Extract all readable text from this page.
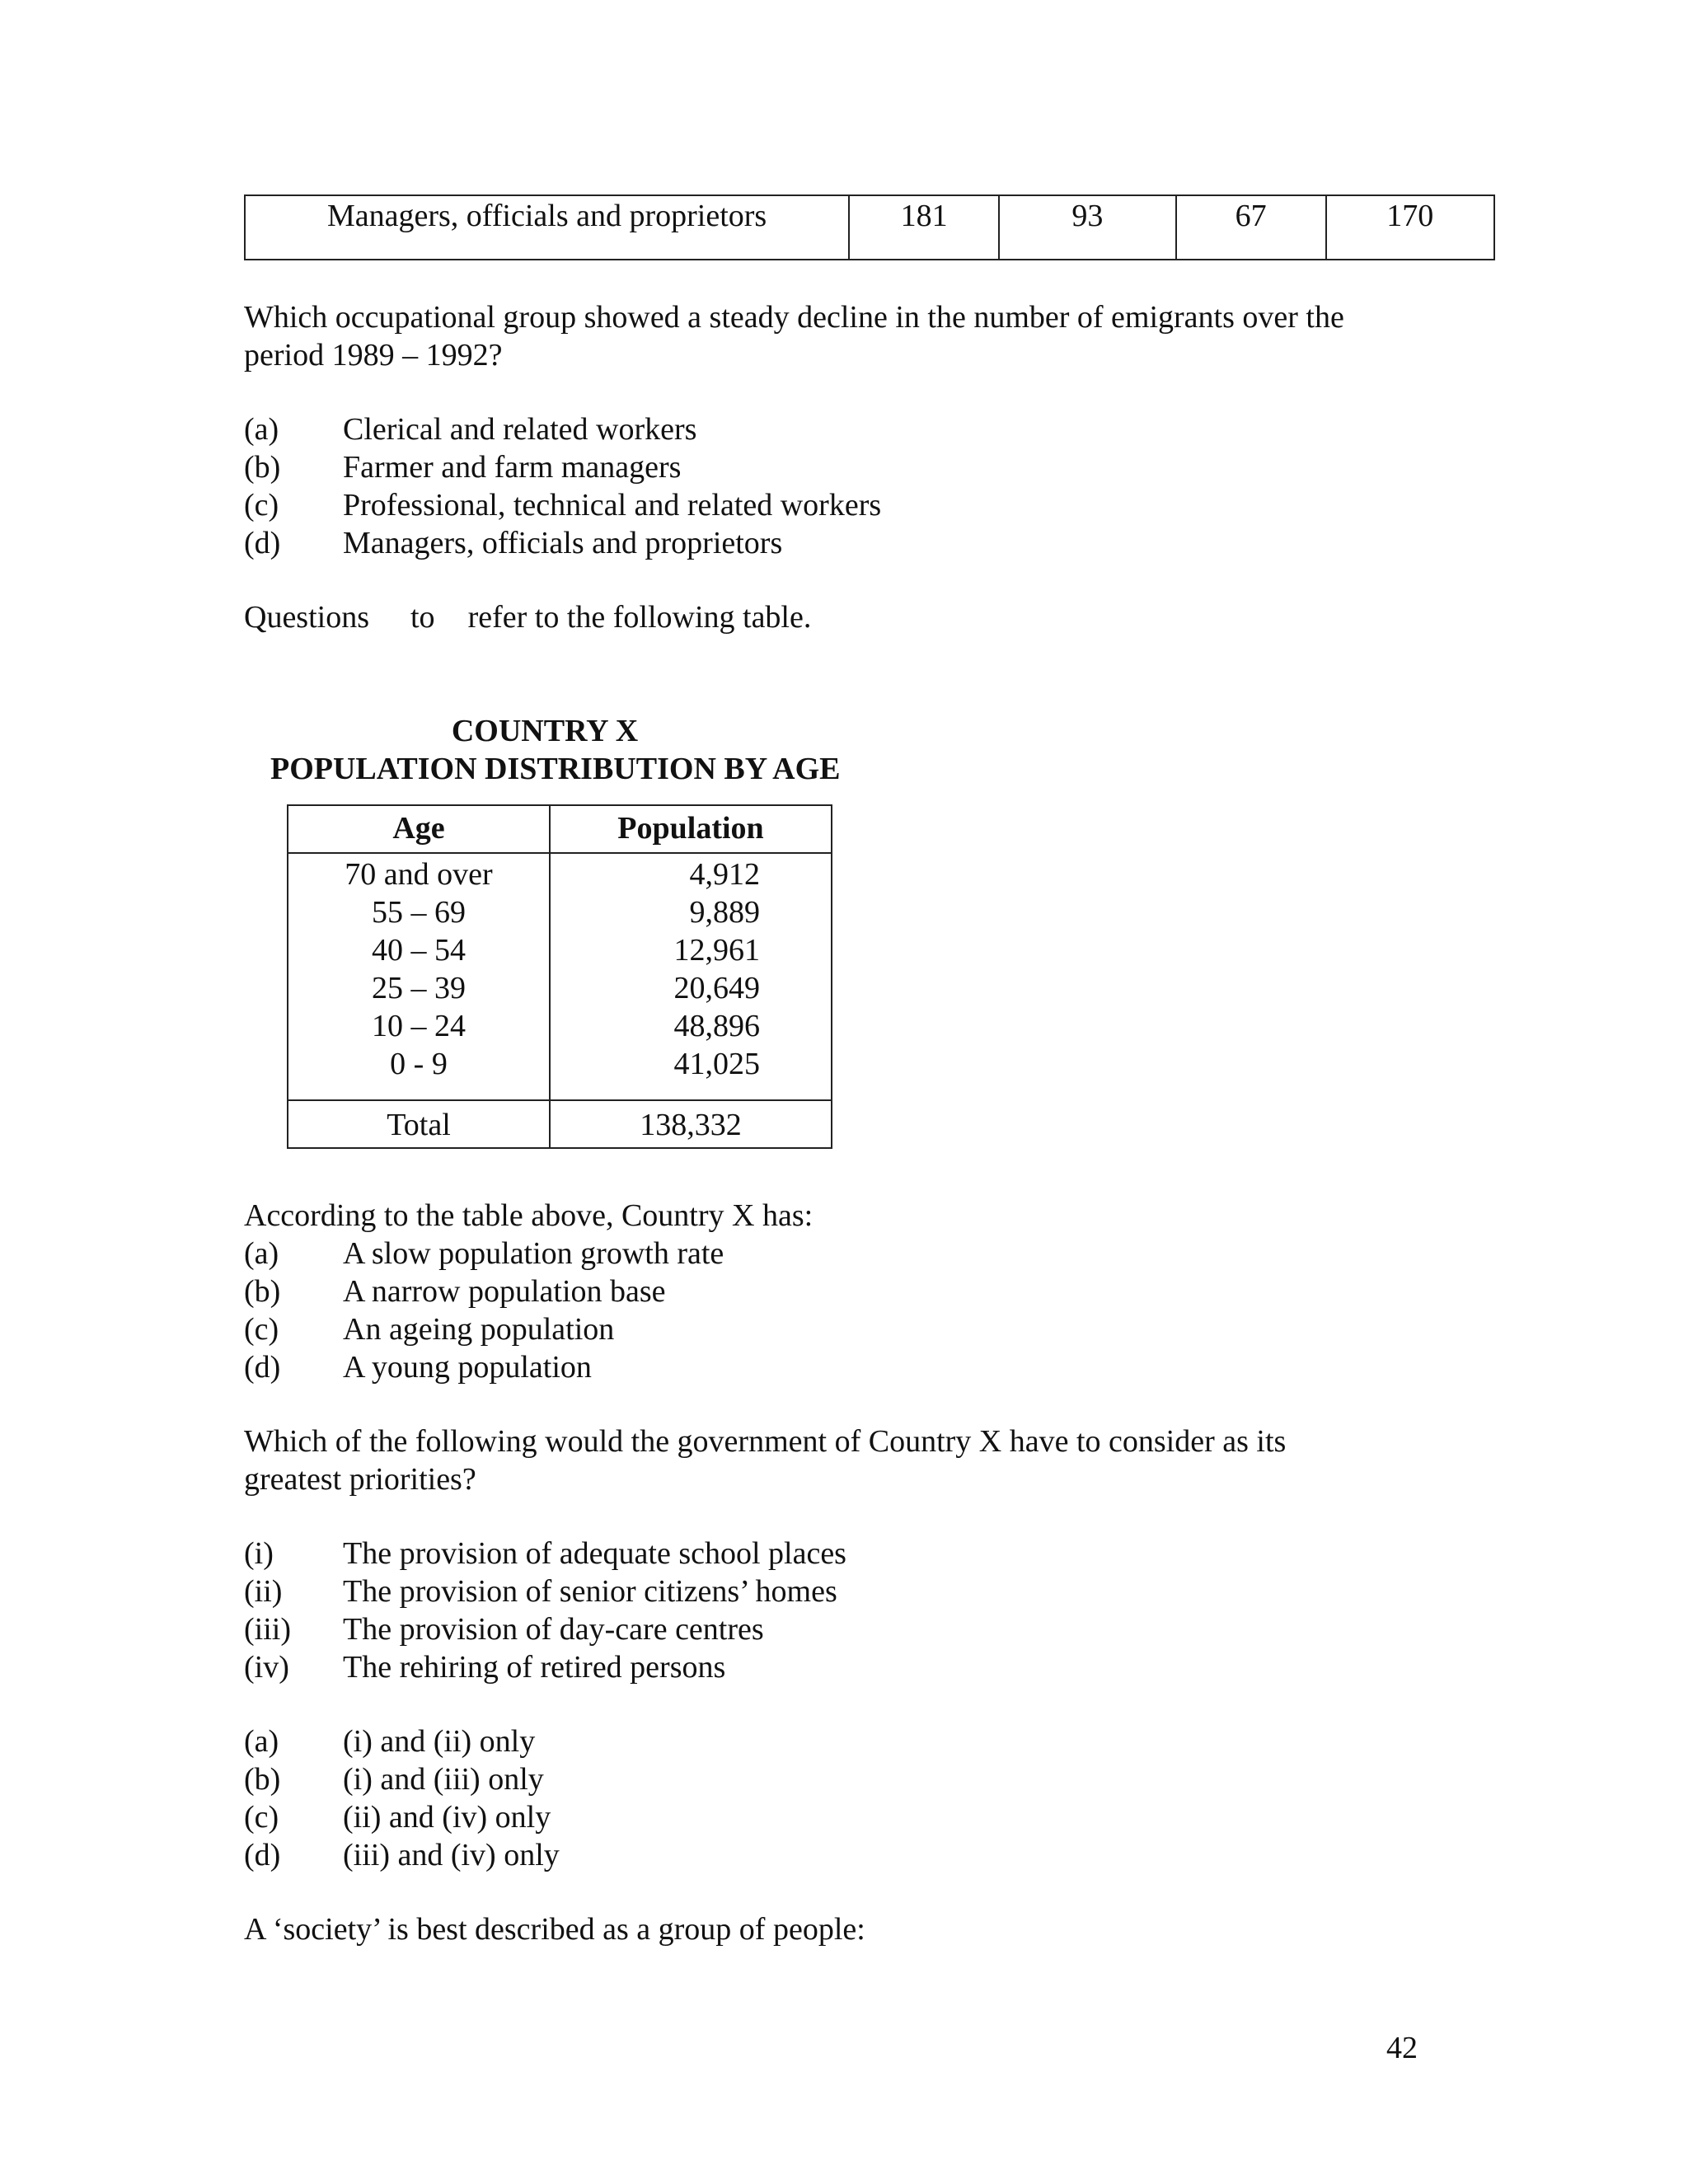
Managers, officials and proprietors	181	93	67	170
Which occupational group showed a steady decline in the number of emigrants over the
period 1989 – 1992?
(a) Clerical and related workers
(b) Farmer and farm managers
(c) Professional, technical and related workers
(d) Managers, officials and proprietors
Questions to refer to the following table.
COUNTRY X
POPULATION DISTRIBUTION BY AGE
Age	Population
70 and over	4,912
55 – 69	9,889
40 – 54	12,961
25 – 39	20,649
10 – 24	48,896
0 - 9	41,025
Total	138,332
According to the table above, Country X has:
(a) A slow population growth rate
(b) A narrow population base
(c) An ageing population
(d) A young population
Which of the following would the government of Country X have to consider as its
greatest priorities?
(i) The provision of adequate school places
(ii) The provision of senior citizens’ homes
(iii) The provision of day-care centres
(iv) The rehiring of retired persons
(a) (i) and (ii) only
(b) (i) and (iii) only
(c) (ii) and (iv) only
(d) (iii) and (iv) only
A ‘society’ is best described as a group of people:
42
